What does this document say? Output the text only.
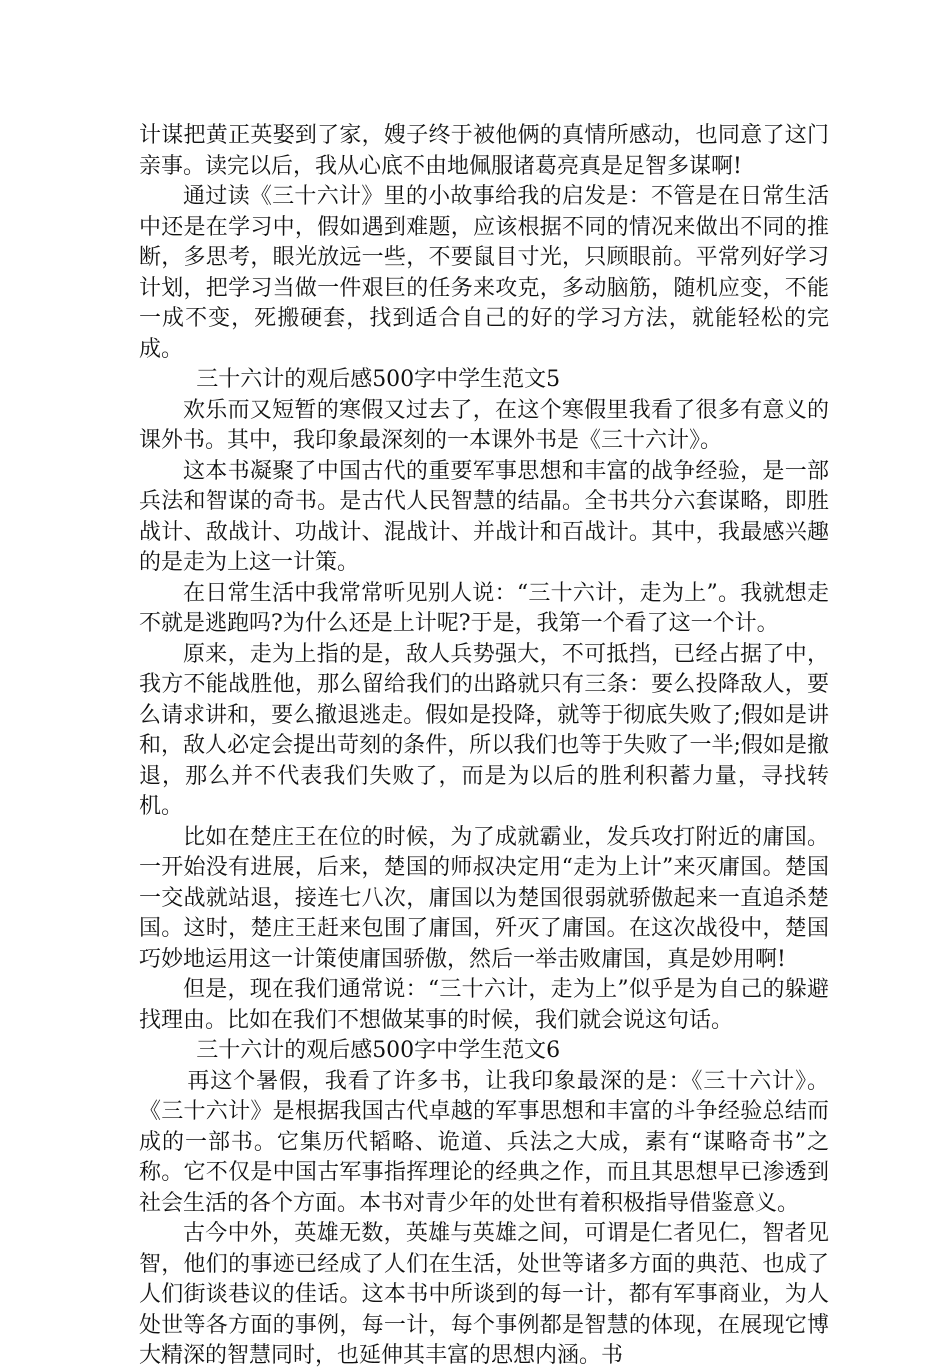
计谋把黄正英娶到了家，嫂子终于被他俩的真情所感动，也同意了这门亲事。读完以后，我从心底不由地佩服诸葛亮真是足智多谋啊!

通过读《三十六计》里的小故事给我的启发是：不管是在日常生活中还是在学习中，假如遇到难题，应该根据不同的情况来做出不同的推断，多思考，眼光放远一些，不要鼠目寸光，只顾眼前。平常列好学习计划，把学习当做一件艰巨的任务来攻克，多动脑筋，随机应变，不能一成不变，死搬硬套，找到适合自己的好的学习方法，就能轻松的完成。

三十六计的观后感500字中学生范文5

欢乐而又短暂的寒假又过去了，在这个寒假里我看了很多有意义的课外书。其中，我印象最深刻的一本课外书是《三十六计》。

这本书凝聚了中国古代的重要军事思想和丰富的战争经验，是一部兵法和智谋的奇书。是古代人民智慧的结晶。全书共分六套谋略，即胜战计、敌战计、功战计、混战计、并战计和百战计。其中，我最感兴趣的是走为上这一计策。

在日常生活中我常常听见别人说：“三十六计，走为上”。我就想走不就是逃跑吗?为什么还是上计呢?于是，我第一个看了这一个计。

原来，走为上指的是，敌人兵势强大，不可抵挡，已经占据了中，我方不能战胜他，那么留给我们的出路就只有三条：要么投降敌人，要么请求讲和，要么撤退逃走。假如是投降，就等于彻底失败了;假如是讲和，敌人必定会提出苛刻的条件，所以我们也等于失败了一半;假如是撤退，那么并不代表我们失败了，而是为以后的胜利积蓄力量，寻找转机。

比如在楚庄王在位的时候，为了成就霸业，发兵攻打附近的庸国。一开始没有进展，后来，楚国的师叔决定用“走为上计”来灭庸国。楚国一交战就站退，接连七八次，庸国以为楚国很弱就骄傲起来一直追杀楚国。这时，楚庄王赶来包围了庸国，歼灭了庸国。在这次战役中，楚国巧妙地运用这一计策使庸国骄傲，然后一举击败庸国，真是妙用啊!

但是，现在我们通常说：“三十六计，走为上”似乎是为自己的躲避找理由。比如在我们不想做某事的时候，我们就会说这句话。

三十六计的观后感500字中学生范文6

再这个暑假，我看了许多书，让我印象最深的是：《三十六计》。《三十六计》是根据我国古代卓越的军事思想和丰富的斗争经验总结而成的一部书。它集历代韬略、诡道、兵法之大成，素有“谋略奇书”之称。它不仅是中国古军事指挥理论的经典之作，而且其思想早已渗透到社会生活的各个方面。本书对青少年的处世有着积极指导借鉴意义。

古今中外，英雄无数，英雄与英雄之间，可谓是仁者见仁，智者见智，他们的事迹已经成了人们在生活，处世等诸多方面的典范、也成了人们街谈巷议的佳话。这本书中所谈到的每一计，都有军事商业，为人处世等各方面的事例，每一计，每个事例都是智慧的体现，在展现它博大精深的智慧同时，也延伸其丰富的思想内涵。书
